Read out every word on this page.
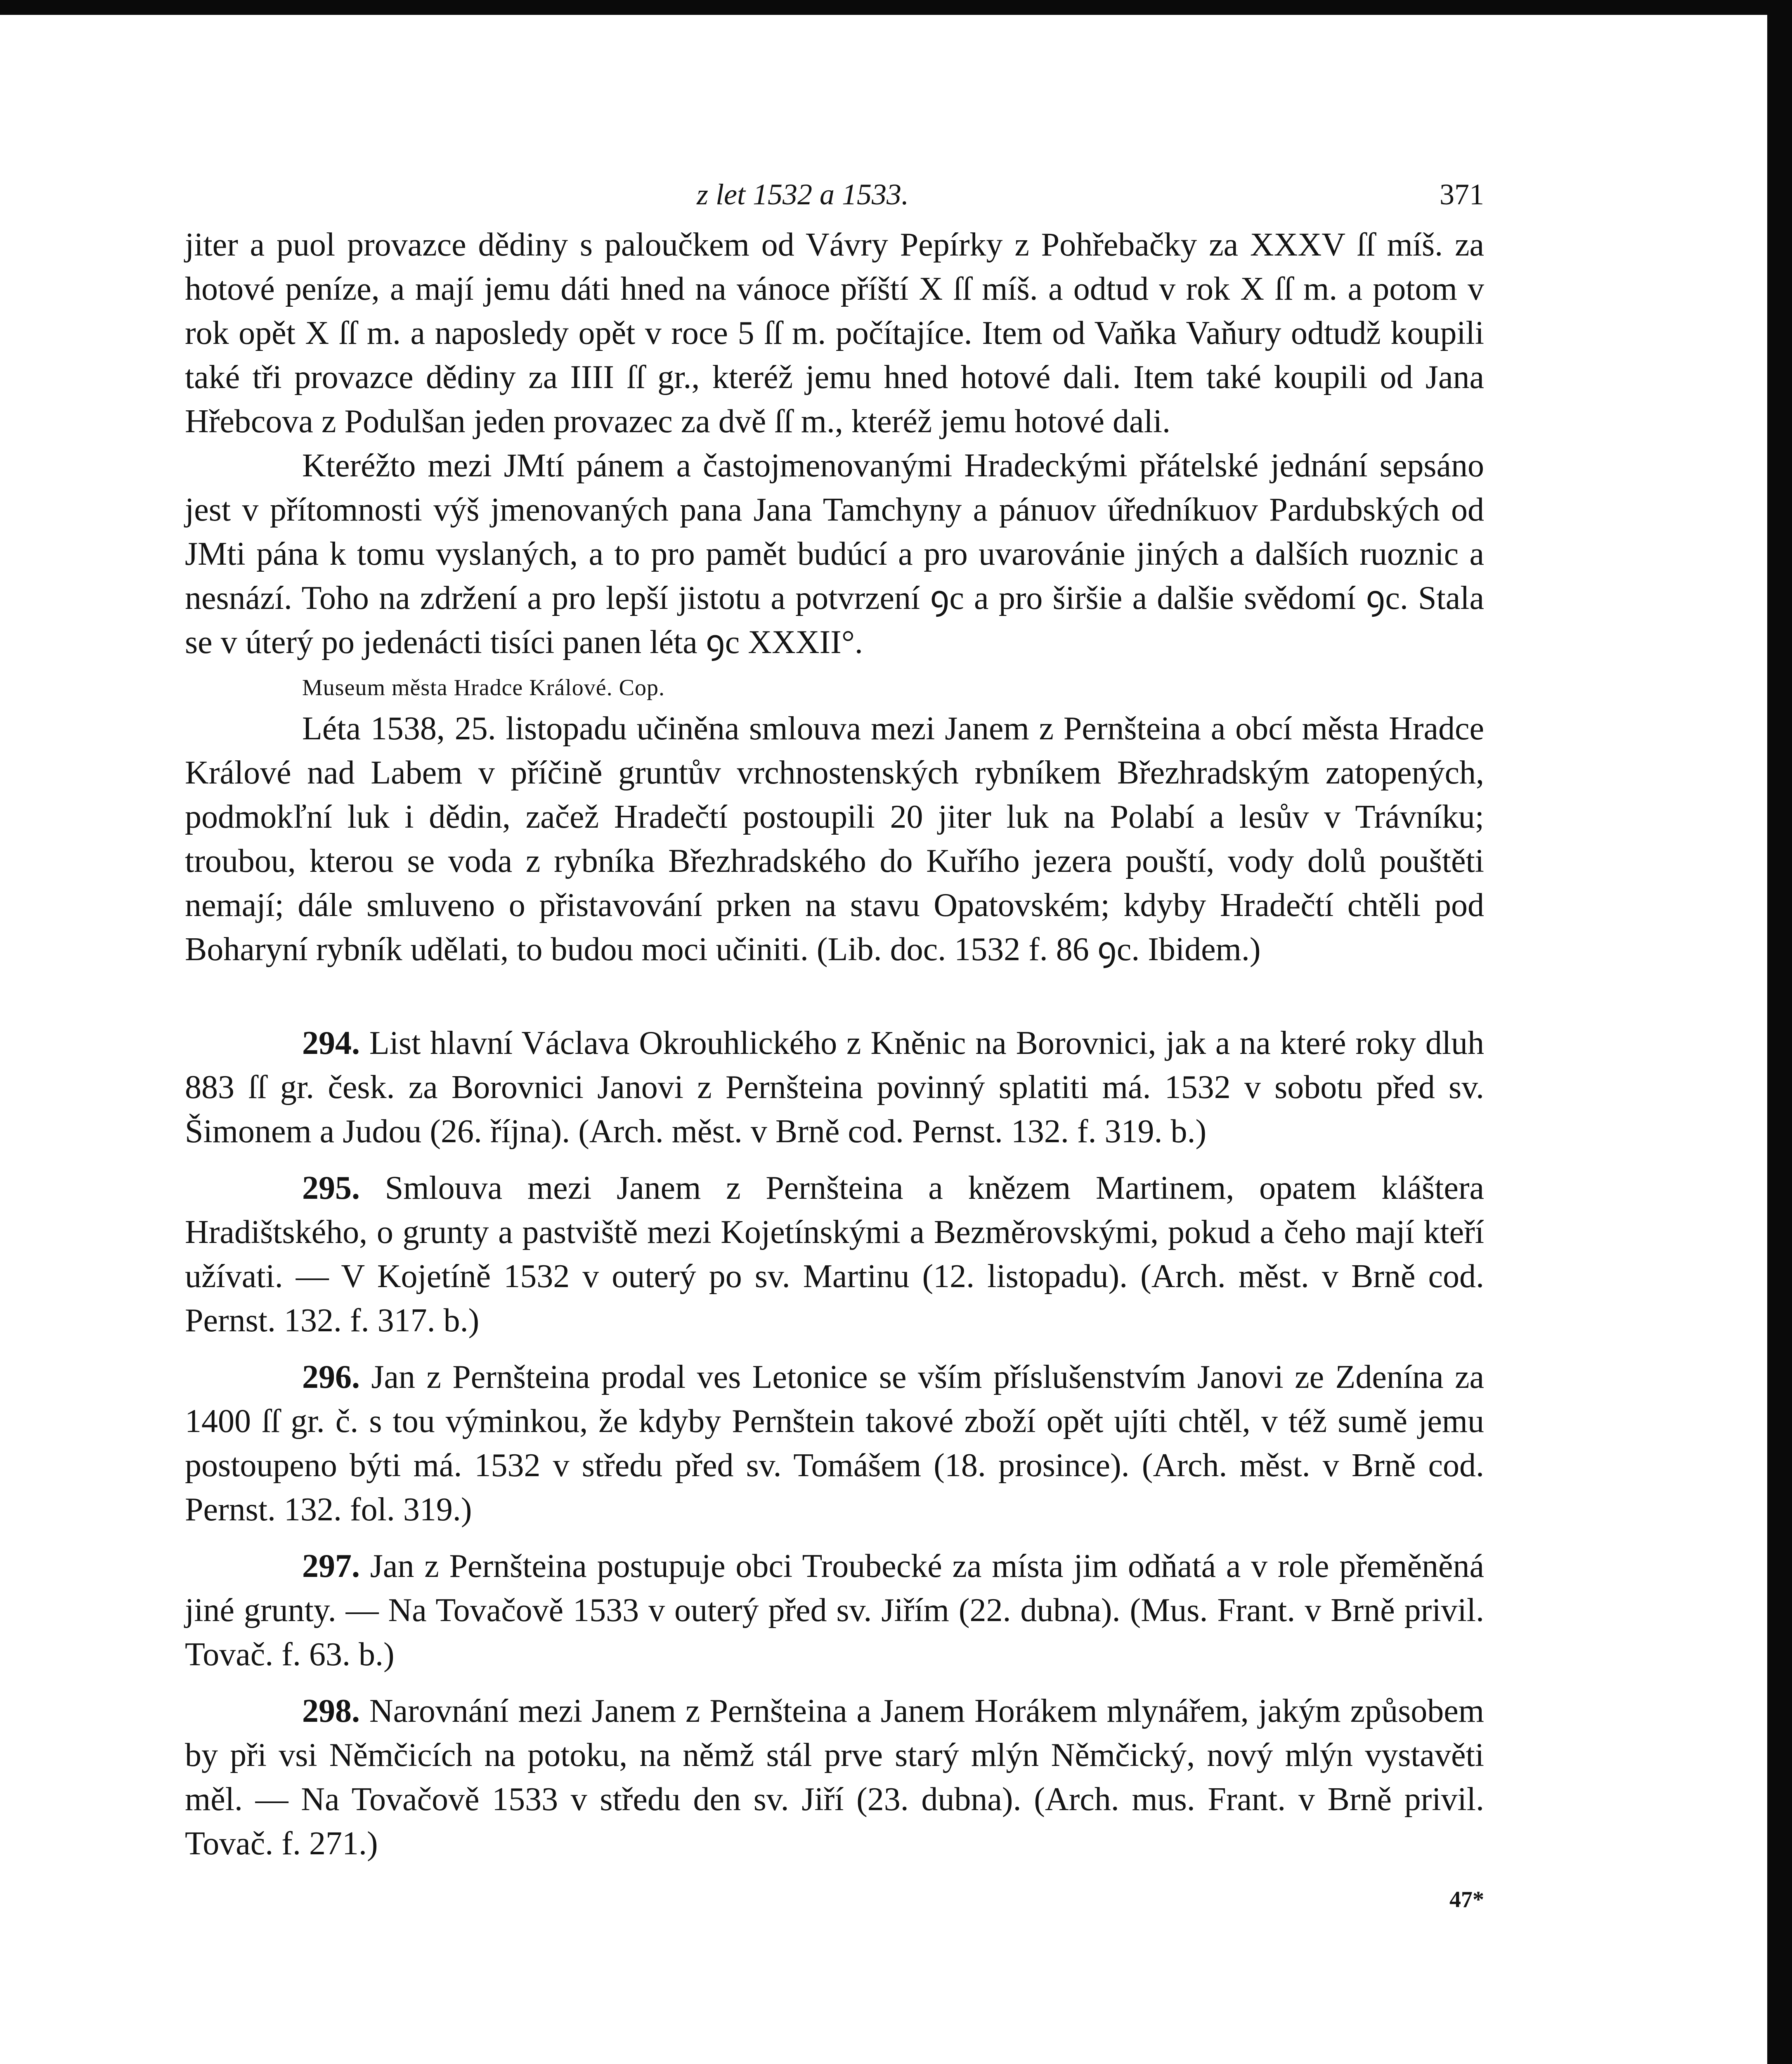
z let 1532 a 1533.	371

jiter a puol provazce dědiny s paloučkem od Vávry Pepírky z Pohřebačky za XXXV ſſ míš. za hotové peníze, a mají jemu dáti hned na vánoce příští X ſſ míš. a odtud v rok X ſſ m. a potom v rok opět X ſſ m. a naposledy opět v roce 5 ſſ m. počítajíce. Item od Vaňka Vaňury odtudž koupili také tři provazce dědiny za IIII ſſ gr., kteréž jemu hned hotové dali. Item také koupili od Jana Hřebcova z Podulšan jeden provazec za dvě ſſ m., kteréž jemu hotové dali.

Kteréžto mezi JMtí pánem a častojmenovanými Hradeckými přátelské jednání sepsáno jest v přítomnosti výš jmenovaných pana Jana Tamchyny a pánuov úředníkuov Pardubských od JMti pána k tomu vyslaných, a to pro pamět budúcí a pro uvarovánie jiných a dalších ruoznic a nesnází. Toho na zdržení a pro lepší jistotu a potvrzení ꝯc a pro širšie a dalšie svědomí ꝯc. Stala se v úterý po jedenácti tisíci panen léta ꝯc XXXII°.

Museum města Hradce Králové. Cop.

Léta 1538, 25. listopadu učiněna smlouva mezi Janem z Pernšteina a obcí města Hradce Králové nad Labem v příčině gruntův vrchnostenských rybníkem Březhradským zatopených, podmokľní luk i dědin, začež Hradečtí postoupili 20 jiter luk na Polabí a lesův v Trávníku; troubou, kterou se voda z rybníka Březhradského do Kuřího jezera pouští, vody dolů pouštěti nemají; dále smluveno o přistavování prken na stavu Opatovském; kdyby Hradečtí chtěli pod Boharyní rybník udělati, to budou moci učiniti. (Lib. doc. 1532 f. 86 ꝯc. Ibidem.)

294. List hlavní Václava Okrouhlického z Kněnic na Borovnici, jak a na které roky dluh 883 ſſ gr. česk. za Borovnici Janovi z Pernšteina povinný splatiti má. 1532 v sobotu před sv. Šimonem a Judou (26. října). (Arch. měst. v Brně cod. Pernst. 132. f. 319. b.)

295. Smlouva mezi Janem z Pernšteina a knězem Martinem, opatem kláštera Hradištského, o grunty a pastviště mezi Kojetínskými a Bezměrovskými, pokud a čeho mají kteří užívati. — V Kojetíně 1532 v outerý po sv. Martinu (12. listopadu). (Arch. měst. v Brně cod. Pernst. 132. f. 317. b.)

296. Jan z Pernšteina prodal ves Letonice se vším příslušenstvím Janovi ze Zdenína za 1400 ſſ gr. č. s tou výminkou, že kdyby Pernštein takové zboží opět ujíti chtěl, v též sumě jemu postoupeno býti má. 1532 v středu před sv. Tomášem (18. prosince). (Arch. měst. v Brně cod. Pernst. 132. fol. 319.)

297. Jan z Pernšteina postupuje obci Troubecké za místa jim odňatá a v role přeměněná jiné grunty. — Na Tovačově 1533 v outerý před sv. Jiřím (22. dubna). (Mus. Frant. v Brně privil. Tovač. f. 63. b.)

298. Narovnání mezi Janem z Pernšteina a Janem Horákem mlynářem, jakým způsobem by při vsi Němčicích na potoku, na němž stál prve starý mlýn Němčický, nový mlýn vystavěti měl. — Na Tovačově 1533 v středu den sv. Jiří (23. dubna). (Arch. mus. Frant. v Brně privil. Tovač. f. 271.)

47*
